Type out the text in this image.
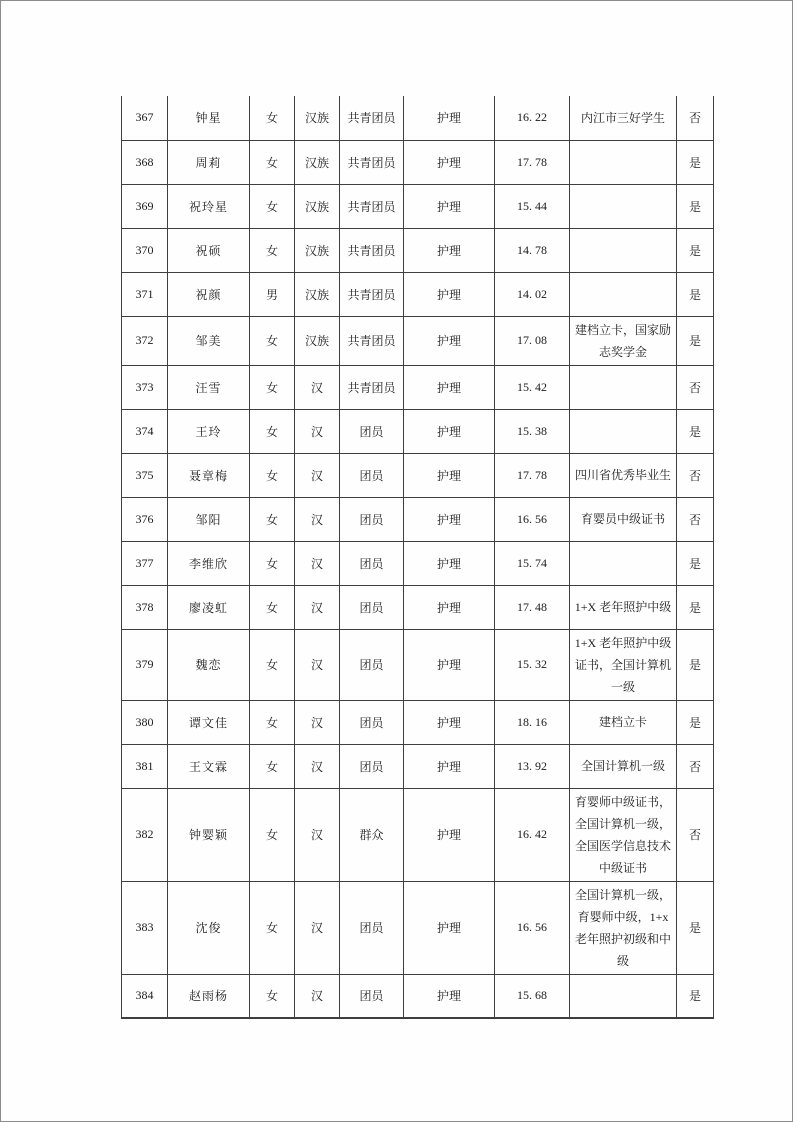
367	钟星	女	汉族	共青团员	护理	16. 22	内江市三好学生	否
368	周莉	女	汉族	共青团员	护理	17. 78		是
369	祝玲星	女	汉族	共青团员	护理	15. 44		是
370	祝硕	女	汉族	共青团员	护理	14. 78		是
371	祝颜	男	汉族	共青团员	护理	14. 02		是
372	邹美	女	汉族	共青团员	护理	17. 08	建档立卡，国家励志奖学金	是
373	汪雪	女	汉	共青团员	护理	15. 42		否
374	王玲	女	汉	团员	护理	15. 38		是
375	聂章梅	女	汉	团员	护理	17. 78	四川省优秀毕业生	否
376	邹阳	女	汉	团员	护理	16. 56	育婴员中级证书	否
377	李维欣	女	汉	团员	护理	15. 74		是
378	廖凌虹	女	汉	团员	护理	17. 48	1+X 老年照护中级	是
379	魏恋	女	汉	团员	护理	15. 32	1+X 老年照护中级证书，全国计算机一级	是
380	谭文佳	女	汉	团员	护理	18. 16	建档立卡	是
381	王文霖	女	汉	团员	护理	13. 92	全国计算机一级	否
382	钟婴颖	女	汉	群众	护理	16. 42	育婴师中级证书，全国计算机一级，全国医学信息技术中级证书	否
383	沈俊	女	汉	团员	护理	16. 56	全国计算机一级，育婴师中级，1+x 老年照护初级和中级	是
384	赵雨杨	女	汉	团员	护理	15. 68		是
